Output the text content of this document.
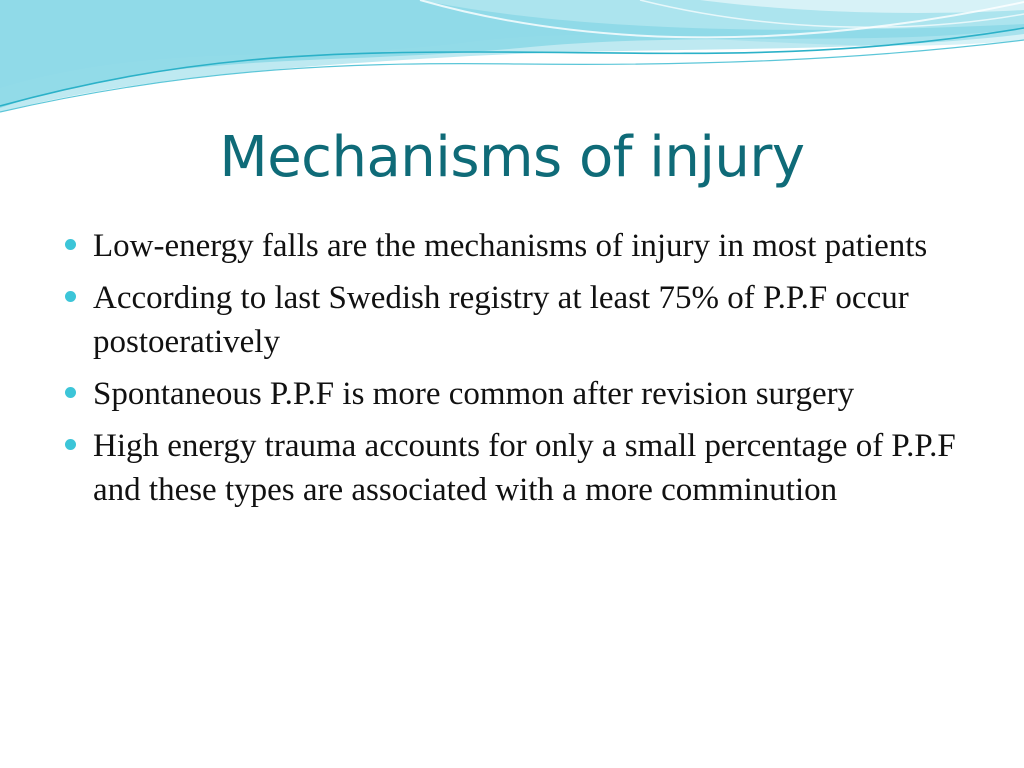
Mechanisms of injury
Low-energy falls are the mechanisms of injury in most patients
According to last Swedish registry at least 75% of P.P.F occur postoeratively
Spontaneous P.P.F is more common after revision surgery
High energy trauma accounts for only a small percentage of P.P.F and these types are associated with a more comminution
